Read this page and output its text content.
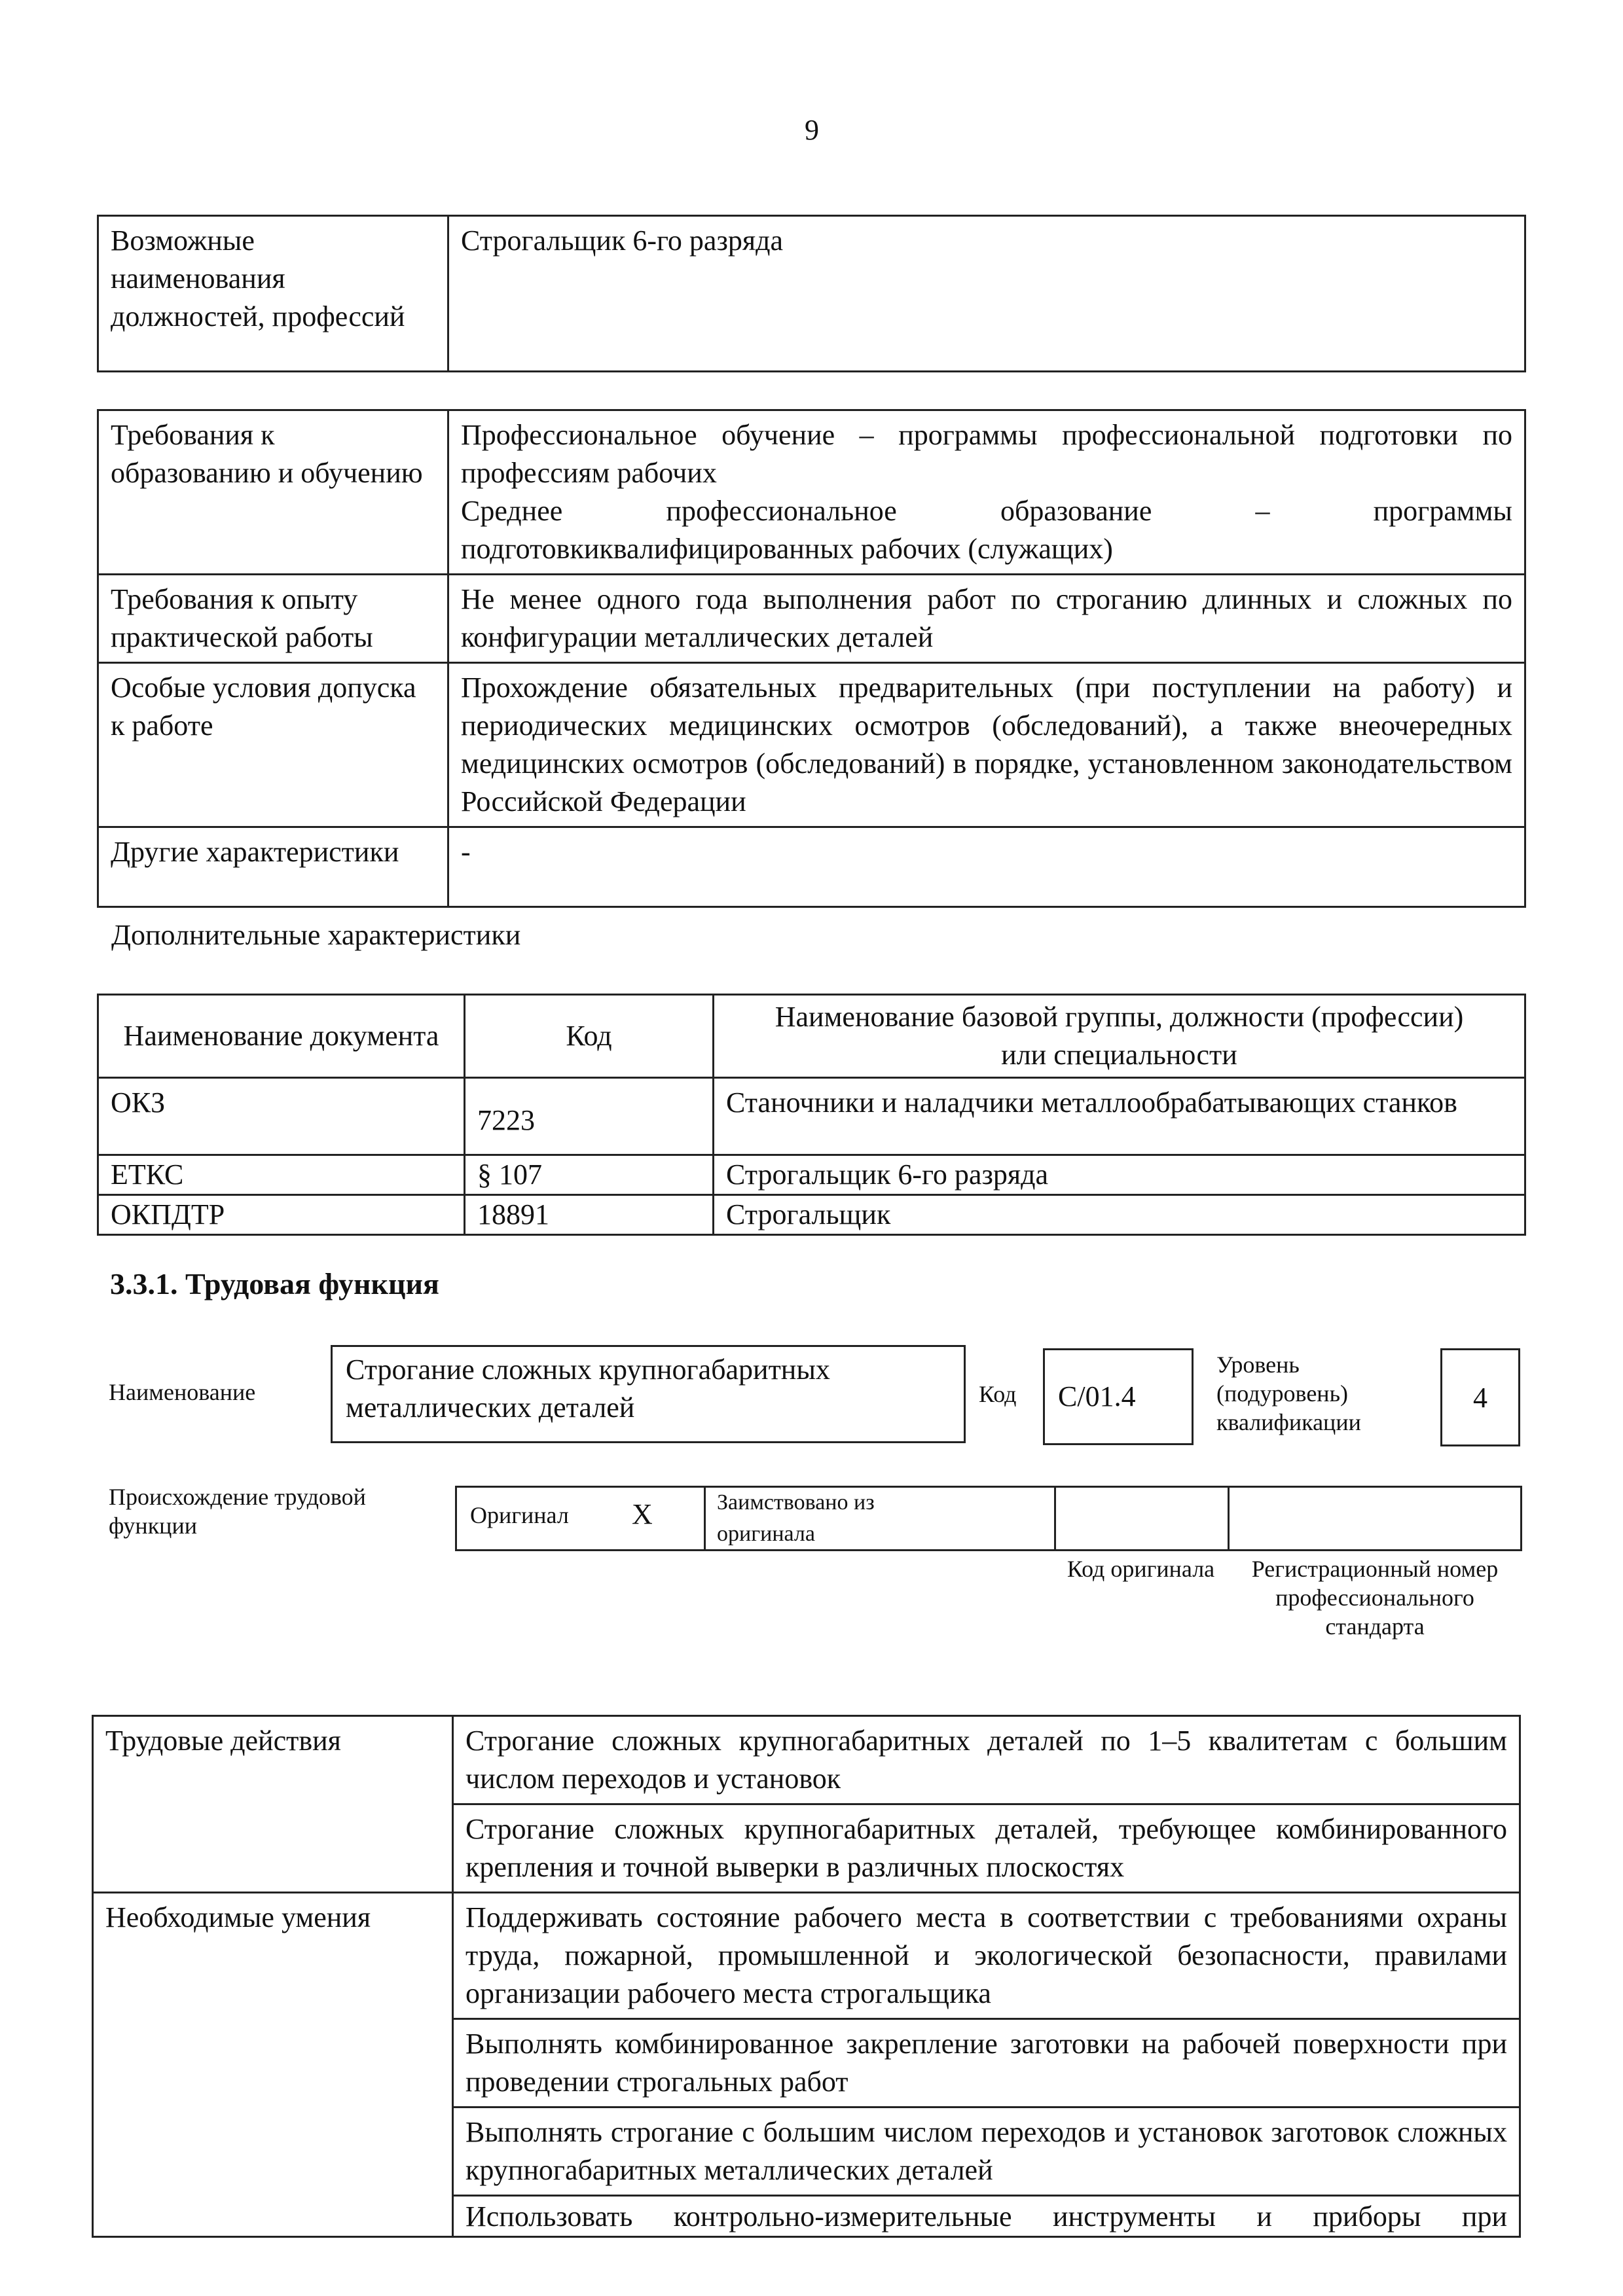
9
Возможные наименования должностей, профессий	Строгальщик 6-го разряда
Требования к образованию и обучению	Профессиональное обучение – программы профессиональной подготовки по профессиям рабочих
Среднее профессиональное образование – программы подготовкиквалифицированных рабочих (служащих)
Требования к опыту практической работы	Не менее одного года выполнения работ по строганию длинных и сложных по конфигурации металлических деталей
Особые условия допуска к работе	Прохождение обязательных предварительных (при поступлении на работу) и периодических медицинских осмотров (обследований), а также внеочередных медицинских осмотров (обследований) в порядке, установленном законодательством Российской Федерации
Другие характеристики	-
Дополнительные характеристики
Наименование документа	Код	Наименование базовой группы, должности (профессии) или специальности
ОКЗ	7223	Станочники и наладчики металлообрабатывающих станков
ЕТКС	§ 107	Строгальщик 6-го разряда
ОКПДТР	18891	Строгальщик
3.3.1. Трудовая функция
Наименование
Строгание сложных крупногабаритных металлических деталей	Код	С/01.4
Уровень (подуровень) квалификации
4
Происхождение трудовой функции	Оригинал X	Заимствовано из оригинала
Код оригинала	Регистрационный номер профессионального стандарта
Трудовые действия	Строгание сложных крупногабаритных деталей по 1–5 квалитетам с большим числом переходов и установок
	Строгание сложных крупногабаритных деталей, требующее комбинированного крепления и точной выверки в различных плоскостях
Необходимые умения	Поддерживать состояние рабочего места в соответствии с требованиями охраны труда, пожарной, промышленной и экологической безопасности, правилами организации рабочего места строгальщика
	Выполнять комбинированное закрепление заготовки на рабочей поверхности при проведении строгальных работ
	Выполнять строгание с большим числом переходов и установок заготовок сложных крупногабаритных металлических деталей
	Использовать контрольно-измерительные инструменты и приборы при
